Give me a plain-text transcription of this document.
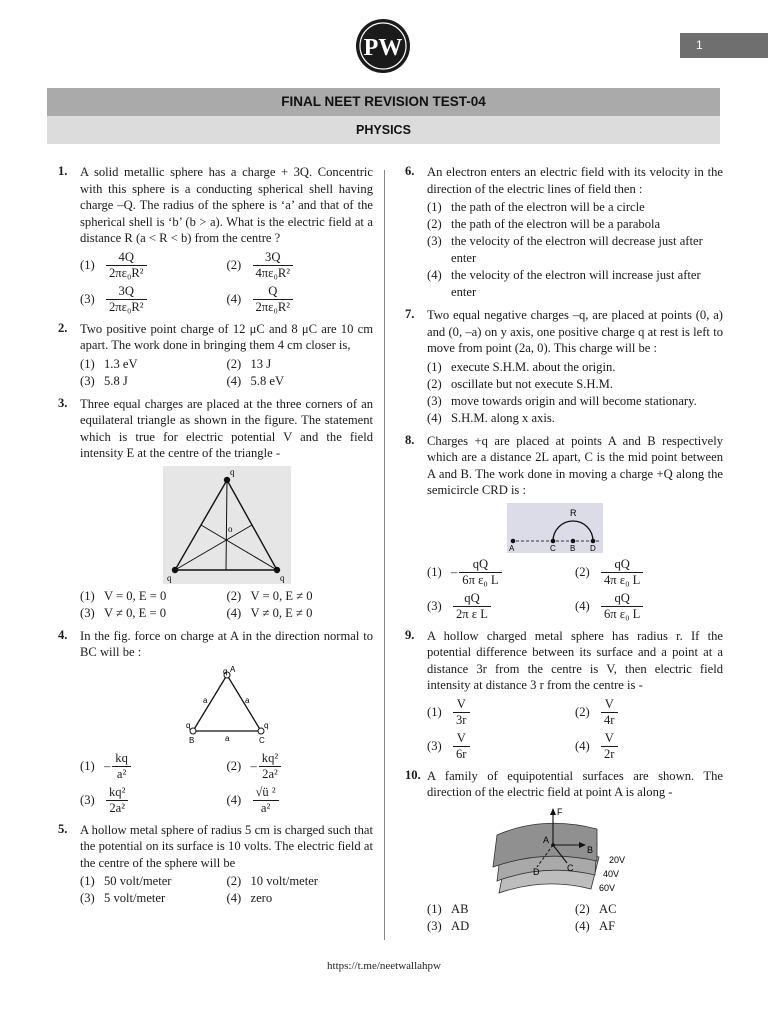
PW	1
FINAL NEET REVISION TEST-04
PHYSICS
1. A solid metallic sphere has a charge + 3Q. Concentric with this sphere is a conducting spherical shell having charge –Q. The radius of the sphere is ‘a’ and that of the spherical shell is ‘b’ (b > a). What is the electric field at a distance R (a < R < b) from the centre ?
$(1) \frac{4Q}{\text{2πε₀R²}}$	$(2) \frac{3Q}{\text{4πε₀R²}}$
$(3) \frac{3Q}{\text{2πε₀R²}}$	$(4) \frac{Q}{\text{2πε₀R²}}$
2. Two positive point charge of 12 μC and 8 μC are 10 cm apart. The work done in bringing them 4 cm closer is,
(1) 1.3 eV	(2) 13 J
(3) 5.8 J	(4) 5.8 eV
3. Three equal charges are placed at the three corners of an equilateral triangle as shown in the figure. The statement which is true for electric potential V and the field intensity E at the centre of the triangle -
q
q	q
o
(1) V = 0, E = 0	(2) V = 0, E ≠ 0
(3) V ≠ 0, E = 0	(4) V ≠ 0, E ≠ 0
4. In the fig. force on charge at A in the direction normal to BC will be :
q A
q	q
B	C
a	a
a
$(1) - \frac{kq}{\text{a²}}$	$(2) - \frac{\text{kq²}}{\text{2a²}}$
$(3) \frac{\text{kq²}}{\text{2a²}}$	$(4) \frac{\text{√ü ²}}{\text{a²}}$
5. A hollow metal sphere of radius 5 cm is charged such that the potential on its surface is 10 volts. The electric field at the centre of the sphere will be
(1) 50 volt/meter	(2) 10 volt/meter
(3) 5 volt/meter	(4) zero
6. An electron enters an electric field with its velocity in the direction of the electric lines of field then :
(1) the path of the electron will be a circle
(2) the path of the electron will be a parabola
(3) the velocity of the electron will decrease just after enter
(4) the velocity of the electron will increase just after enter
7. Two equal negative charges –q, are placed at points (0, a) and (0, –a) on y axis, one positive charge q at rest is left to move from point (2a, 0). This charge will be :
(1) execute S.H.M. about the origin.
(2) oscillate but not execute S.H.M.
(3) move towards origin and will become stationary.
(4) S.H.M. along x axis.
8. Charges +q are placed at points A and B respectively which are a distance 2L apart, C is the mid point between A and B. The work done in moving a charge +Q along the semicircle CRD is :
R
A	C B D
$(1) - \frac{qQ}{\text{6π ε₀ L}}$	$(2) \frac{qQ}{\text{4π ε₀ L}}$
$(3) \frac{qQ}{\text{2π ε L}}$	$(4) \frac{qQ}{\text{6π ε₀ L}}$
9. A hollow charged metal sphere has radius r. If the potential difference between its surface and a point at a distance 3r from the centre is V, then electric field intensity at distance 3 r from the centre is -
$(1) \frac{V}{3r}$	$(2) \frac{V}{4r}$
$(3) \frac{V}{6r}$	$(4) \frac{V}{2r}$
10. A family of equipotential surfaces are shown. The direction of the electric field at point A is along -
F
A
B
C
D
20V
40V
60V
(1) AB	(2) AC
(3) AD	(4) AF
https://t.me/neetwallahpw
